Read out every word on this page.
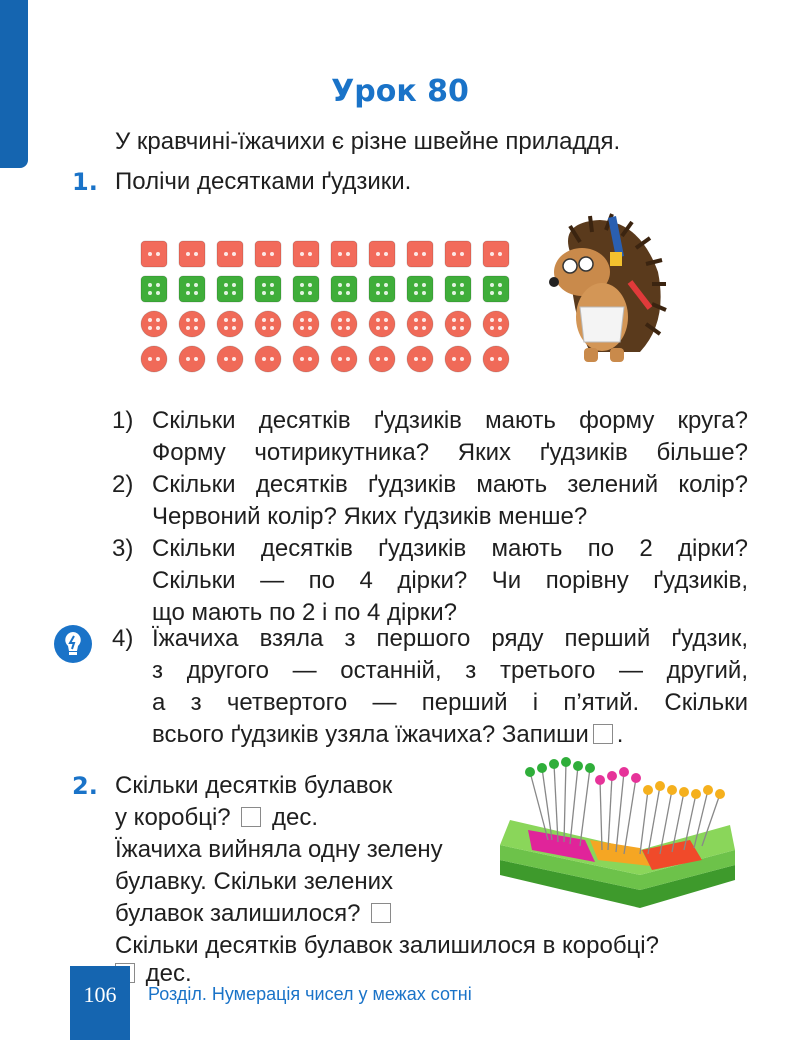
Урок 80
У кравчині-їжачихи є різне швейне приладдя.
1. Полічи десятками ґудзики.
1) Скільки десятків ґудзиків мають форму круга?
Форму чотирикутника? Яких ґудзиків більше?
2) Скільки десятків ґудзиків мають зелений колір?
Червоний колір? Яких ґудзиків менше?
3) Скільки десятків ґудзиків мають по 2 дірки?
Скільки — по 4 дірки? Чи порівну ґудзиків,
що мають по 2 і по 4 дірки?
4) Їжачиха взяла з першого ряду перший ґудзик,
з другого — останній, з третього — другий,
а з четвертого — перший і п’ятий. Скільки
всього ґудзиків узяла їжачиха? Запиши .
2. Скільки десятків булавок
у коробці? дес.
Їжачиха вийняла одну зелену
булавку. Скільки зелених
булавок залишилося?
Скільки десятків булавок залишилося в коробці?
дес.
106	Розділ. Нумерація чисел у межах сотні
